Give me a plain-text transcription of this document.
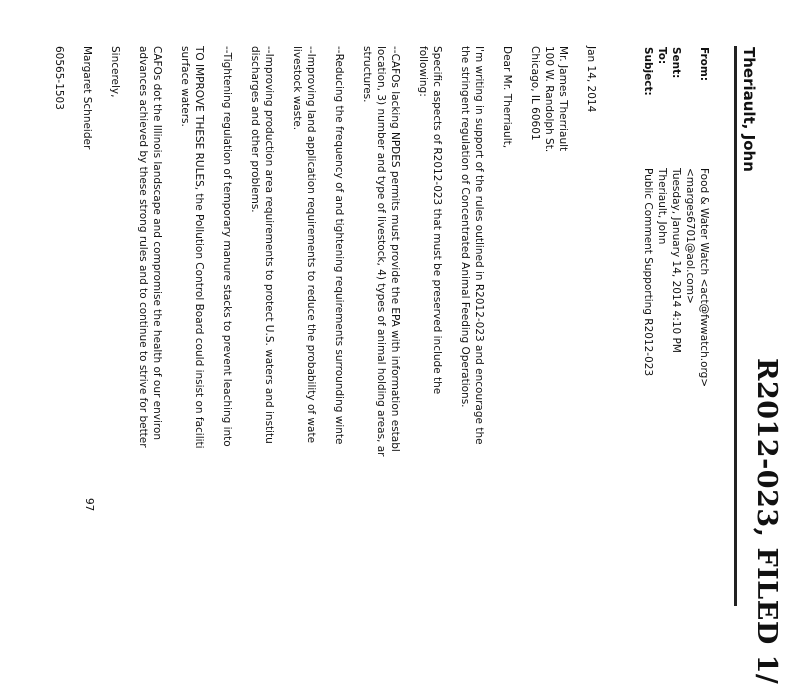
R2012-023, FILED 1/
Theriault, John
From:
Food & Water Watch <act@fwwatch.org>
<marges6701@aol.com>
Sent:
Tuesday, January 14, 2014 4:10 PM
To:
Theriault, John
Subject:
Public Comment Supporting R2012-023
Jan 14, 2014
Mr. James Therriault
100 W. Randolph St.
Chicago, IL 60601
Dear Mr. Therriault,
I'm writing in support of the rules outlined in R2012-023 and encourage the
the stringent regulation of Concentrated Animal Feeding Operations.
Specific aspects of R2012-023 that must be preserved include the
following:
--CAFOs lacking NPDES permits must provide the EPA with information establ
location, 3) number and type of livestock, 4) types of animal holding areas, ar
structures.
--Reducing the frequency of and tightening requirements surrounding winte
--Improving land application requirements to reduce the probability of wate
livestock waste.
--Improving production area requirements to protect U.S. waters and institu
discharges and other problems.
--Tightening regulation of temporary manure stacks to prevent leaching into
TO IMPROVE THESE RULES, the Pollution Control Board could insist on faciliti
surface waters.
CAFOs dot the Illinois landscape and compromise the health of our environ
advances achieved by these strong rules and to continue to strive for better
Sincerely,
Margaret Schneider
60565-1503
97
